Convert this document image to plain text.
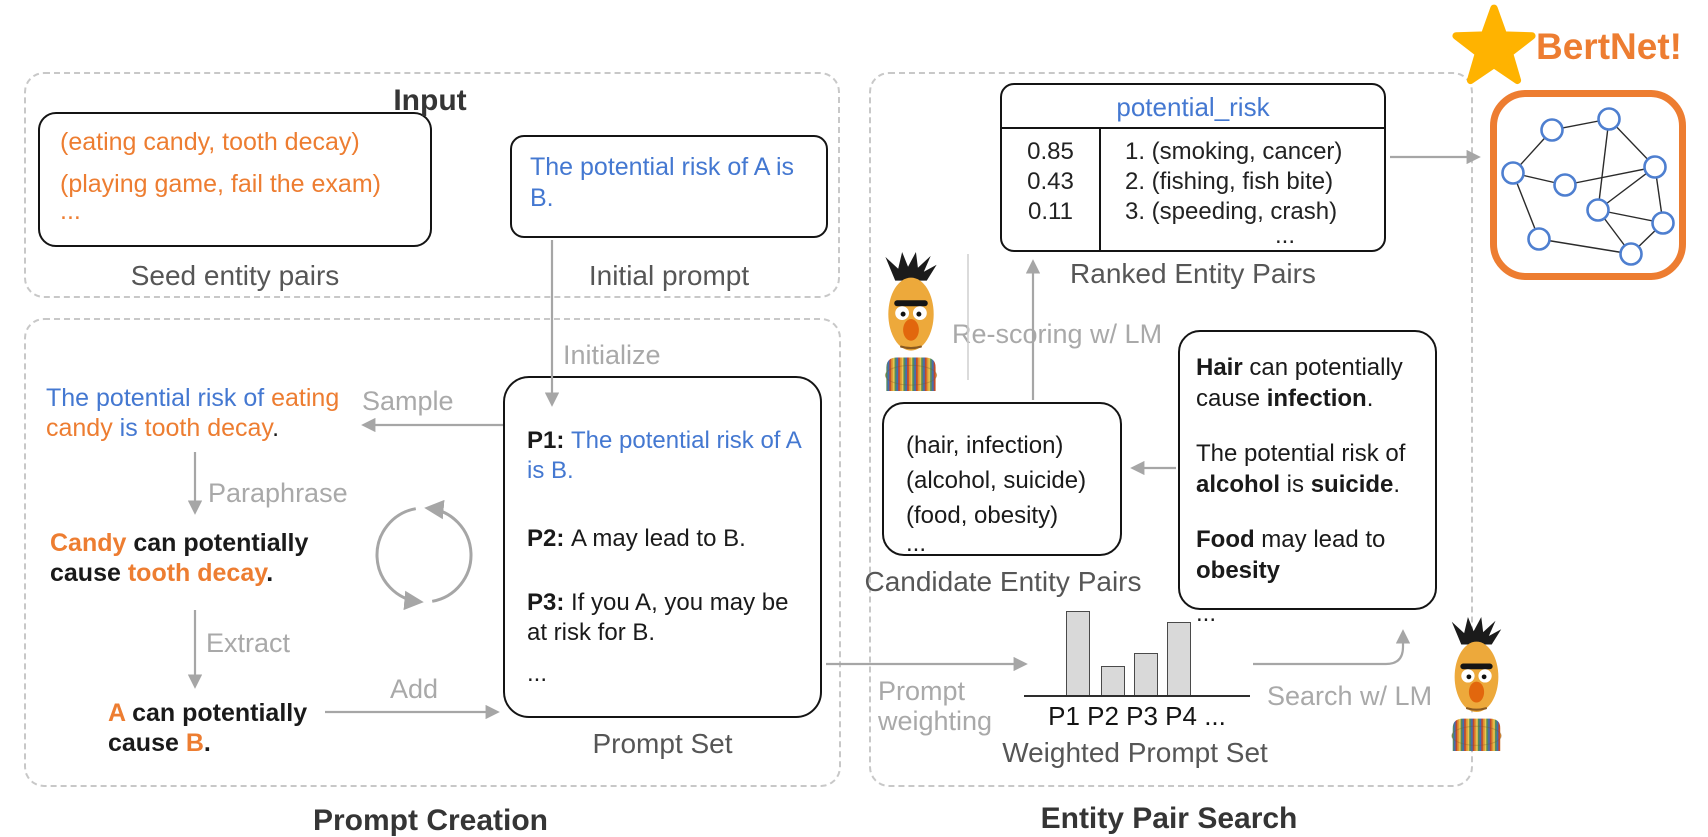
Input
(eating candy, tooth decay)
(playing game, fail the exam)
...
Seed entity pairs
The potential risk of A is B.
Initial prompt
Prompt Creation
The potential risk of eating candy is tooth decay.
Candy can potentially cause tooth decay.
A can potentially cause B.
Sample
Paraphrase
Extract
Add
Initialize
P1: The potential risk of A is B.
P2: A may lead to B.
P3: If you A, you may be at risk for B.
...
Prompt Set
Entity Pair Search
potential_risk
0.85
0.43
0.11
1. (smoking, cancer)
2. (fishing, fish bite)
3. (speeding, crash)
...
Ranked Entity Pairs
Re-scoring w/ LM
(hair, infection)
(alcohol, suicide)
(food, obesity)
...
Candidate Entity Pairs

Hair can potentially cause infection.

The potential risk of alcohol is suicide.

Food may lead to obesity

...
Prompt weighting
Search w/ LM
P1 P2 P3 P4 ...
Weighted Prompt Set
BertNet!
